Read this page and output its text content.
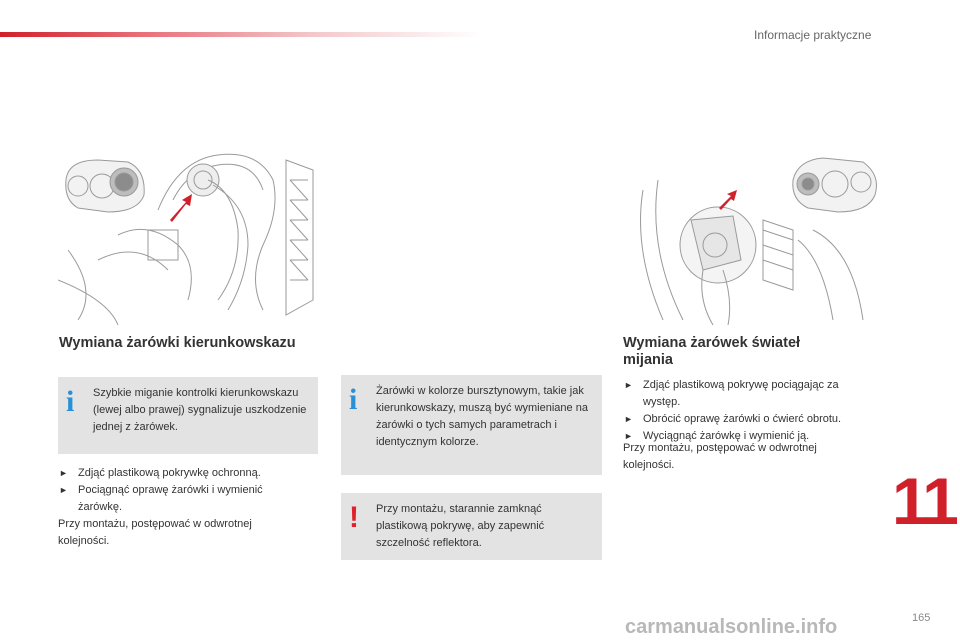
Informacje praktyczne
Wymiana żarówki kierunkowskazu
i Szybkie miganie kontrolki kierunkowskazu (lewej albo prawej) sygnalizuje uszkodzenie jednej z żarówek.
► Zdjąć plastikową pokrywkę ochronną.
► Pociągnąć oprawę żarówki i wymienić żarówkę.
Przy montażu, postępować w odwrotnej kolejności.
i Żarówki w kolorze bursztynowym, takie jak kierunkowskazy, muszą być wymieniane na żarówki o tych samych parametrach i identycznym kolorze.
! Przy montażu, starannie zamknąć plastikową pokrywę, aby zapewnić szczelność reflektora.
Wymiana żarówek świateł mijania
► Zdjąć plastikową pokrywę pociągając za występ.
► Obrócić oprawę żarówki o ćwierć obrotu.
► Wyciągnąć żarówkę i wymienić ją.
Przy montażu, postępować w odwrotnej kolejności.	11
carmanualsonline.info	165
